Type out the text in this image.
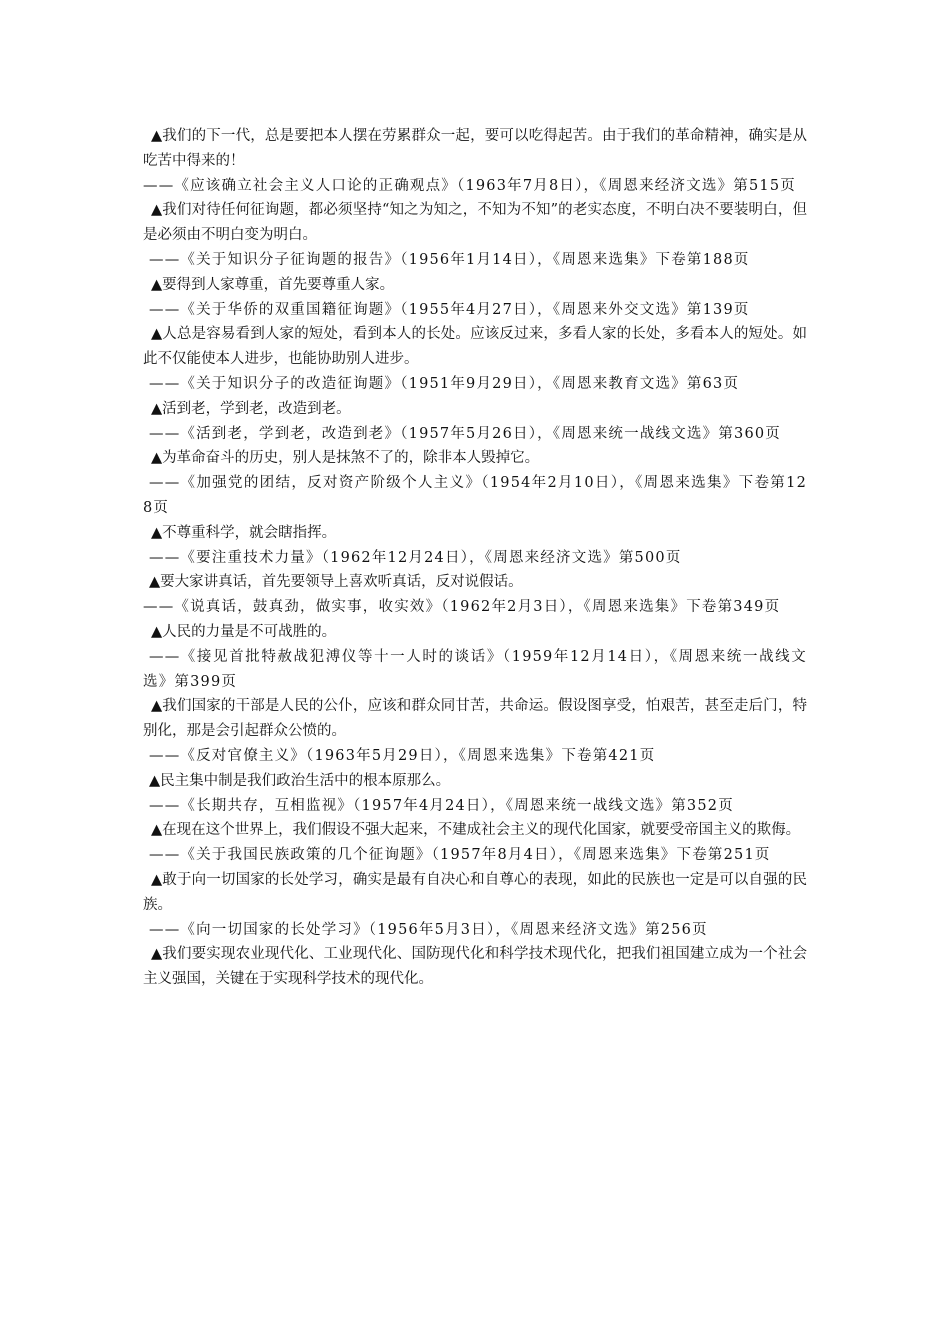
▲我们的下一代，总是要把本人摆在劳累群众一起，要可以吃得起苦。由于我们的革命精神，确实是从吃苦中得来的！

——《应该确立社会主义人口论的正确观点》（1963年7月8日），《周恩来经济文选》第515页

▲我们对待任何征询题，都必须坚持“知之为知之，不知为不知”的老实态度，不明白决不要装明白，但是必须由不明白变为明白。

——《关于知识分子征询题的报告》（1956年1月14日），《周恩来选集》下卷第188页

▲要得到人家尊重，首先要尊重人家。

——《关于华侨的双重国籍征询题》（1955年4月27日），《周恩来外交文选》第139页

▲人总是容易看到人家的短处，看到本人的长处。应该反过来，多看人家的长处，多看本人的短处。如此不仅能使本人进步，也能协助别人进步。

——《关于知识分子的改造征询题》（1951年9月29日），《周恩来教育文选》第63页

▲活到老，学到老，改造到老。

——《活到老，学到老，改造到老》（1957年5月26日），《周恩来统一战线文选》第360页

▲为革命奋斗的历史，别人是抹煞不了的，除非本人毁掉它。

——《加强党的团结，反对资产阶级个人主义》（1954年2月10日），《周恩来选集》下卷第128页

▲不尊重科学，就会瞎指挥。

——《要注重技术力量》（1962年12月24日），《周恩来经济文选》第500页

▲要大家讲真话，首先要领导上喜欢听真话，反对说假话。

——《说真话，鼓真劲，做实事，收实效》（1962年2月3日），《周恩来选集》下卷第349页

▲人民的力量是不可战胜的。

——《接见首批特赦战犯溥仪等十一人时的谈话》（1959年12月14日），《周恩来统一战线文选》第399页

▲我们国家的干部是人民的公仆，应该和群众同甘苦，共命运。假设图享受，怕艰苦，甚至走后门，特别化，那是会引起群众公愤的。

——《反对官僚主义》（1963年5月29日），《周恩来选集》下卷第421页

▲民主集中制是我们政治生活中的根本原那么。

——《长期共存，互相监视》（1957年4月24日），《周恩来统一战线文选》第352页

▲在现在这个世界上，我们假设不强大起来，不建成社会主义的现代化国家，就要受帝国主义的欺侮。

——《关于我国民族政策的几个征询题》（1957年8月4日），《周恩来选集》下卷第251页

▲敢于向一切国家的长处学习，确实是最有自决心和自尊心的表现，如此的民族也一定是可以自强的民族。

——《向一切国家的长处学习》（1956年5月3日），《周恩来经济文选》第256页

▲我们要实现农业现代化、工业现代化、国防现代化和科学技术现代化，把我们祖国建立成为一个社会主义强国，关键在于实现科学技术的现代化。
